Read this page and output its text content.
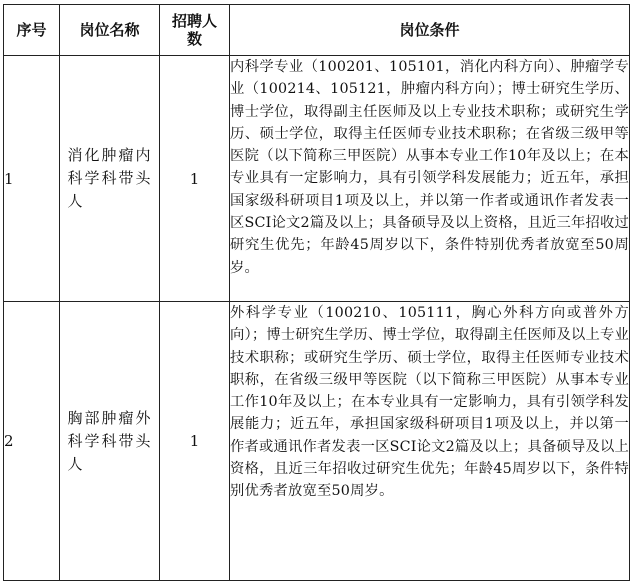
序号	岗位名称	招聘人数	岗位条件
1	消化肿瘤内科学科带头人	1	内科学专业（100201、105101，消化内科方向）、肿瘤学专业（100214、105121，肿瘤内科方向）；博士研究生学历、博士学位，取得副主任医师及以上专业技术职称；或研究生学历、硕士学位，取得主任医师专业技术职称；在省级三级甲等医院（以下简称三甲医院）从事本专业工作10年及以上；在本专业具有一定影响力，具有引领学科发展能力；近五年，承担国家级科研项目1项及以上，并以第一作者或通讯作者发表一区SCI论文2篇及以上；具备硕导及以上资格，且近三年招收过研究生优先；年龄45周岁以下，条件特别优秀者放宽至50周岁。
2	胸部肿瘤外科学科带头人	1	外科学专业（100210、105111，胸心外科方向或普外方向）；博士研究生学历、博士学位，取得副主任医师及以上专业技术职称；或研究生学历、硕士学位，取得主任医师专业技术职称，在省级三级甲等医院（以下简称三甲医院）从事本专业工作10年及以上；在本专业具有一定影响力，具有引领学科发展能力；近五年，承担国家级科研项目1项及以上，并以第一作者或通讯作者发表一区SCI论文2篇及以上；具备硕导及以上资格，且近三年招收过研究生优先；年龄45周岁以下，条件特别优秀者放宽至50周岁。
